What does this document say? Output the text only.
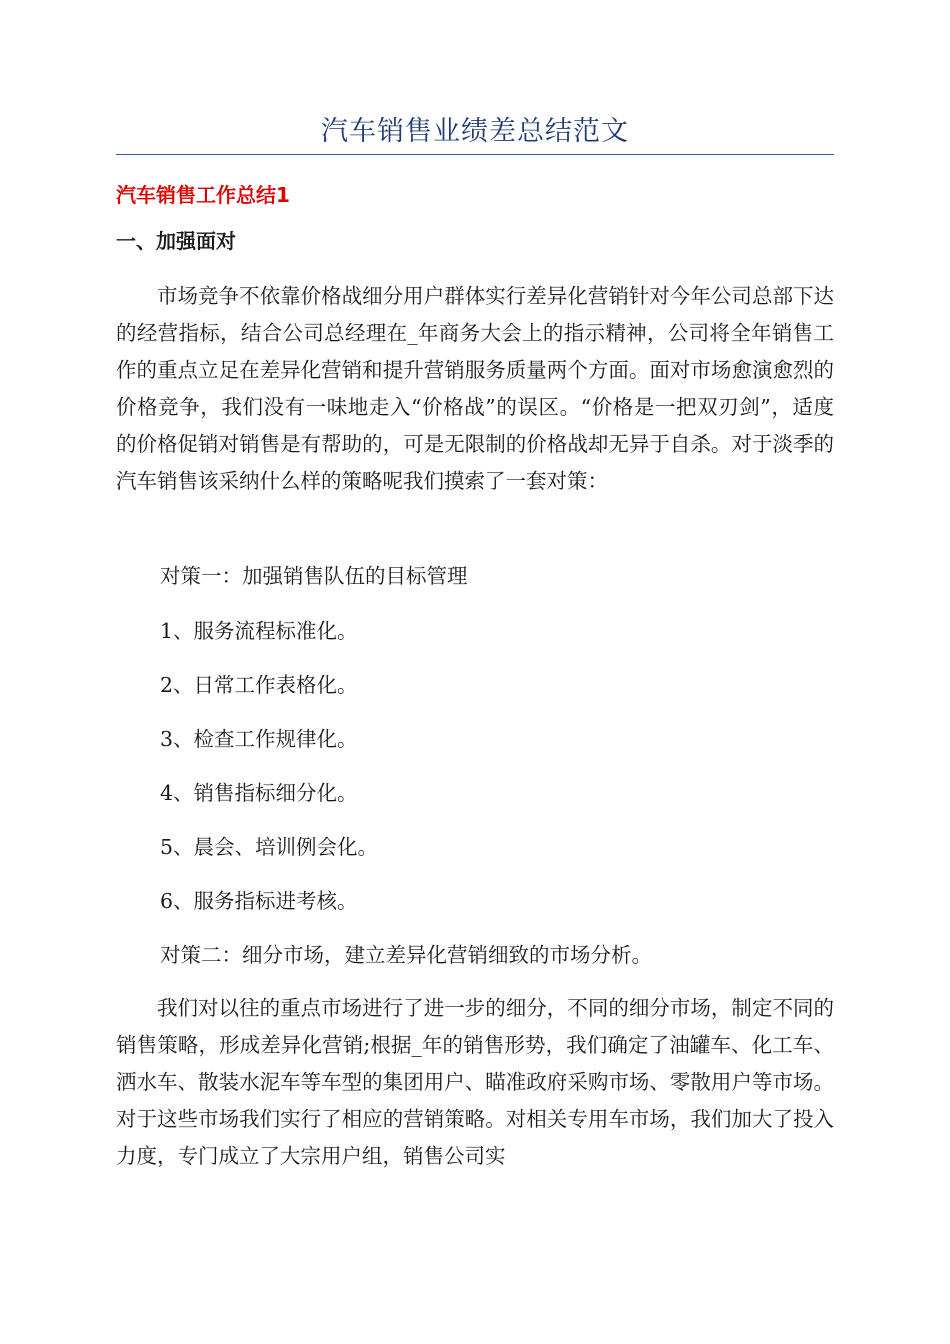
汽车销售业绩差总结范文
汽车销售工作总结1
一、加强面对

市场竞争不依靠价格战细分用户群体实行差异化营销针对今年公司总部下达的经营指标，结合公司总经理在_年商务大会上的指示精神，公司将全年销售工作的重点立足在差异化营销和提升营销服务质量两个方面。面对市场愈演愈烈的价格竞争，我们没有一味地走入“价格战”的误区。“价格是一把双刃剑”，适度的价格促销对销售是有帮助的，可是无限制的价格战却无异于自杀。对于淡季的汽车销售该采纳什么样的策略呢我们摸索了一套对策：

对策一：加强销售队伍的目标管理
1、服务流程标准化。
2、日常工作表格化。
3、检查工作规律化。
4、销售指标细分化。
5、晨会、培训例会化。
6、服务指标进考核。
对策二：细分市场，建立差异化营销细致的市场分析。

我们对以往的重点市场进行了进一步的细分，不同的细分市场，制定不同的销售策略，形成差异化营销;根据_年的销售形势，我们确定了油罐车、化工车、洒水车、散装水泥车等车型的集团用户、瞄准政府采购市场、零散用户等市场。对于这些市场我们实行了相应的营销策略。对相关专用车市场，我们加大了投入力度，专门成立了大宗用户组，销售公司实
